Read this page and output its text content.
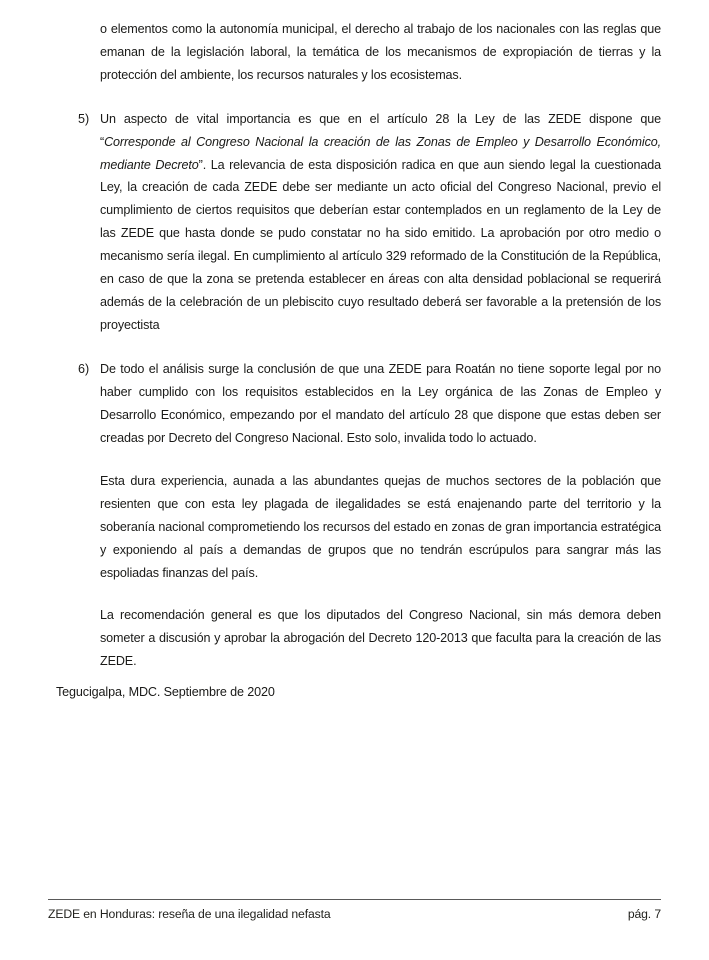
o elementos como la autonomía municipal, el derecho al trabajo de los nacionales con las reglas que emanan de la legislación laboral, la temática de los mecanismos de expropiación de tierras y la protección del ambiente, los recursos naturales y los ecosistemas.

5) Un aspecto de vital importancia es que en el artículo 28 la Ley de las ZEDE dispone que “Corresponde al Congreso Nacional la creación de las Zonas de Empleo y Desarrollo Económico, mediante Decreto”. La relevancia de esta disposición radica en que aun siendo legal la cuestionada Ley, la creación de cada ZEDE debe ser mediante un acto oficial del Congreso Nacional, previo el cumplimiento de ciertos requisitos que deberían estar contemplados en un reglamento de la Ley de las ZEDE que hasta donde se pudo constatar no ha sido emitido. La aprobación por otro medio o mecanismo sería ilegal. En cumplimiento al artículo 329 reformado de la Constitución de la República, en caso de que la zona se pretenda establecer en áreas con alta densidad poblacional se requerirá además de la celebración de un plebiscito cuyo resultado deberá ser favorable a la pretensión de los proyectista

6) De todo el análisis surge la conclusión de que una ZEDE para Roatán no tiene soporte legal por no haber cumplido con los requisitos establecidos en la Ley orgánica de las Zonas de Empleo y Desarrollo Económico, empezando por el mandato del artículo 28 que dispone que estas deben ser creadas por Decreto del Congreso Nacional. Esto solo, invalida todo lo actuado.

Esta dura experiencia, aunada a las abundantes quejas de muchos sectores de la población que resienten que con esta ley plagada de ilegalidades se está enajenando parte del territorio y la soberanía nacional comprometiendo los recursos del estado en zonas de gran importancia estratégica y exponiendo al país a demandas de grupos que no tendrán escrúpulos para sangrar más las espoliadas finanzas del país.

La recomendación general es que los diputados del Congreso Nacional, sin más demora deben someter a discusión y aprobar la abrogación del Decreto 120-2013 que faculta para la creación de las ZEDE.

Tegucigalpa, MDC. Septiembre de 2020
ZEDE en Honduras: reseña de una ilegalidad nefasta	pág. 7
